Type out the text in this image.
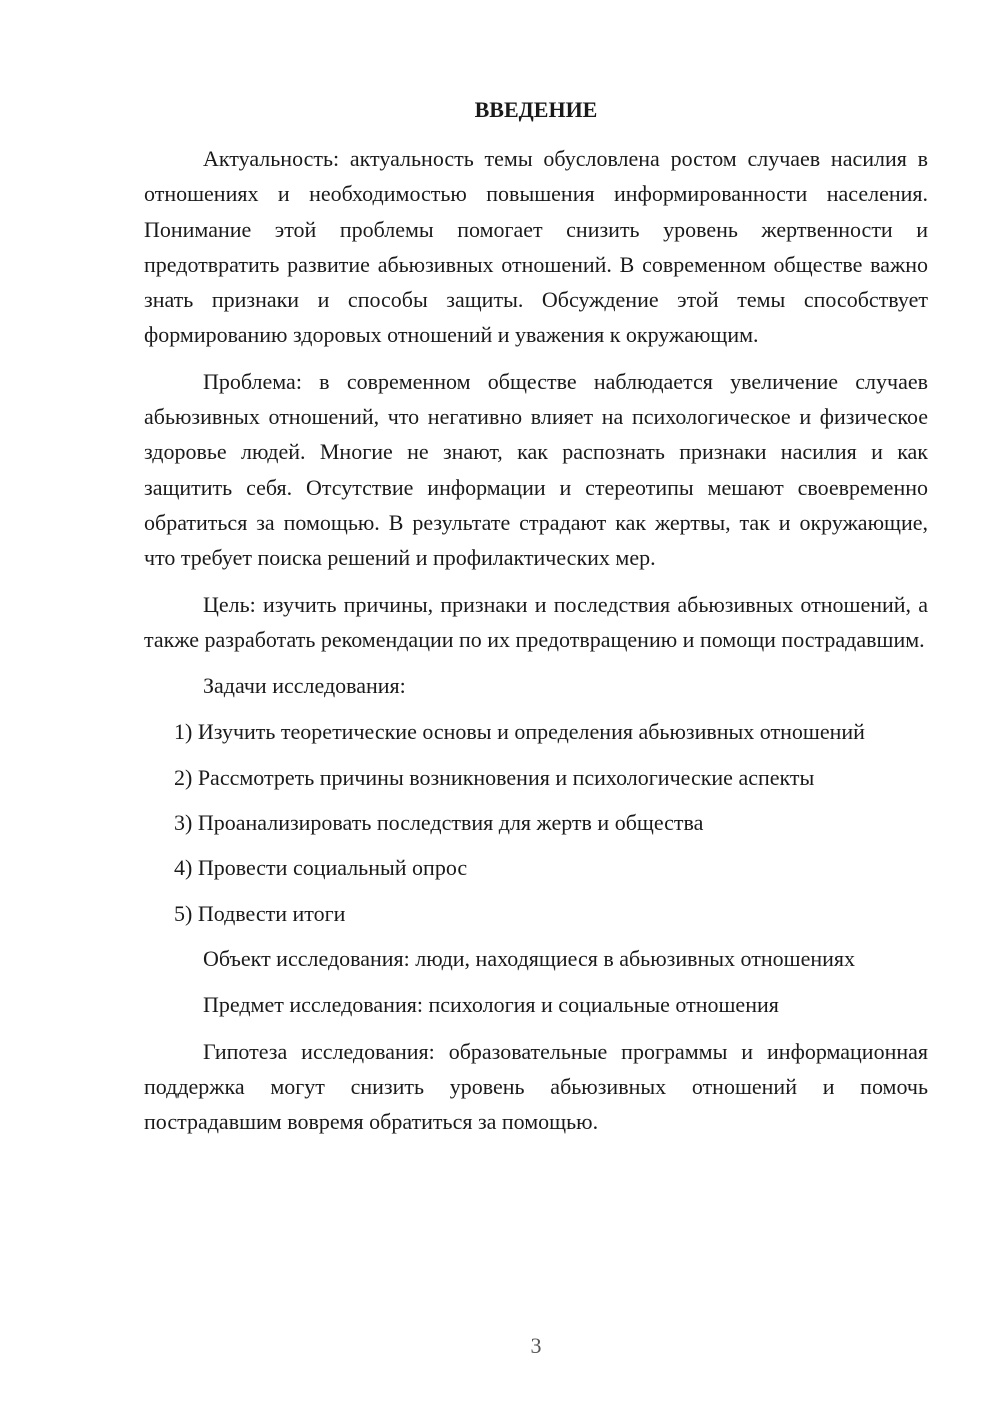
ВВЕДЕНИЕ

Актуальность: актуальность темы обусловлена ростом случаев насилия в отношениях и необходимостью повышения информированности населения. Понимание этой проблемы помогает снизить уровень жертвенности и предотвратить развитие абьюзивных отношений. В современном обществе важно знать признаки и способы защиты. Обсуждение этой темы способствует формированию здоровых отношений и уважения к окружающим.

Проблема: в современном обществе наблюдается увеличение случаев абьюзивных отношений, что негативно влияет на психологическое и физическое здоровье людей. Многие не знают, как распознать признаки насилия и как защитить себя. Отсутствие информации и стереотипы мешают своевременно обратиться за помощью. В результате страдают как жертвы, так и окружающие, что требует поиска решений и профилактических мер.

Цель: изучить причины, признаки и последствия абьюзивных отношений, а также разработать рекомендации по их предотвращению и помощи пострадавшим.

Задачи исследования:

1) Изучить теоретические основы и определения абьюзивных отношений

2) Рассмотреть причины возникновения и психологические аспекты

3) Проанализировать последствия для жертв и общества

4) Провести социальный опрос

5) Подвести итоги

Объект исследования: люди, находящиеся в абьюзивных отношениях

Предмет исследования: психология и социальные отношения

Гипотеза исследования: образовательные программы и информационная поддержка могут снизить уровень абьюзивных отношений и помочь пострадавшим вовремя обратиться за помощью.

3
